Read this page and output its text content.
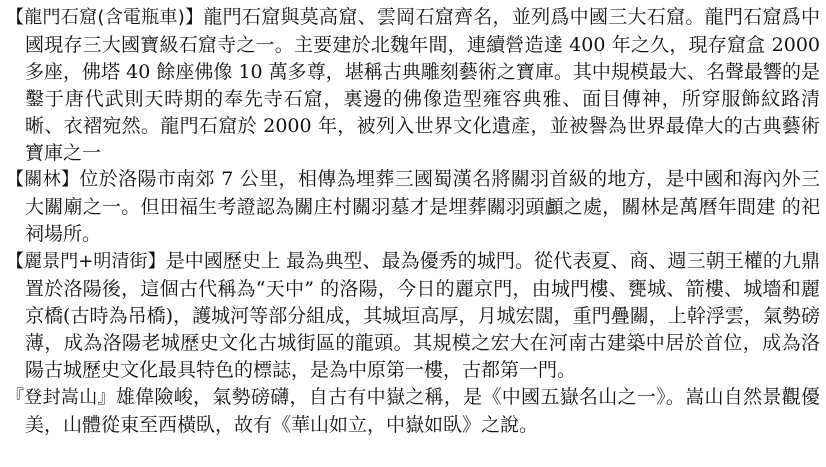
【龍門石窟(含電瓶車)】龍門石窟與莫高窟、雲岡石窟齊名，並列爲中國三大石窟。龍門石窟爲中國現存三大國寶級石窟寺之一。主要建於北魏年間，連續營造達 400 年之久，現存窟盒 2000 多座，佛塔 40 餘座佛像 10 萬多尊，堪稱古典雕刻藝術之寶庫。其中規模最大、名聲最響的是鑿于唐代武則天時期的奉先寺石窟，裏邊的佛像造型雍容典雅、面目傳神，所穿服飾紋路清晰、衣褶宛然。龍門石窟於 2000 年，被列入世界文化遺產，並被譽為世界最偉大的古典藝術寶庫之一

【關林】位於洛陽市南郊 7 公里，相傳為埋葬三國蜀漢名將關羽首級的地方，是中國和海內外三大關廟之一。但田福生考證認為關庄村關羽墓才是埋葬關羽頭顱之處，關林是萬曆年間建 的祀祠場所。

【麗景門+明清街】是中國歷史上 最為典型、最為優秀的城門。從代表夏、商、週三朝王權的九鼎置於洛陽後，這個古代稱為“天中” 的洛陽，今日的麗京門，由城門樓、甕城、箭樓、城墻和麗京橋(古時為吊橋)，護城河等部分組成，其城垣高厚，月城宏闊，重門疊關，上幹浮雲，氣勢磅薄，成為洛陽老城歷史文化古城街區的龍頭。其規模之宏大在河南古建築中居於首位，成為洛陽古城歷史文化最具特色的標誌，是為中原第一樓，古都第一門。

『登封嵩山』雄偉險峻，氣勢磅礴，自古有中嶽之稱，是《中國五嶽名山之一》。嵩山自然景觀優美，山體從東至西橫臥，故有《華山如立，中嶽如臥》之說。
